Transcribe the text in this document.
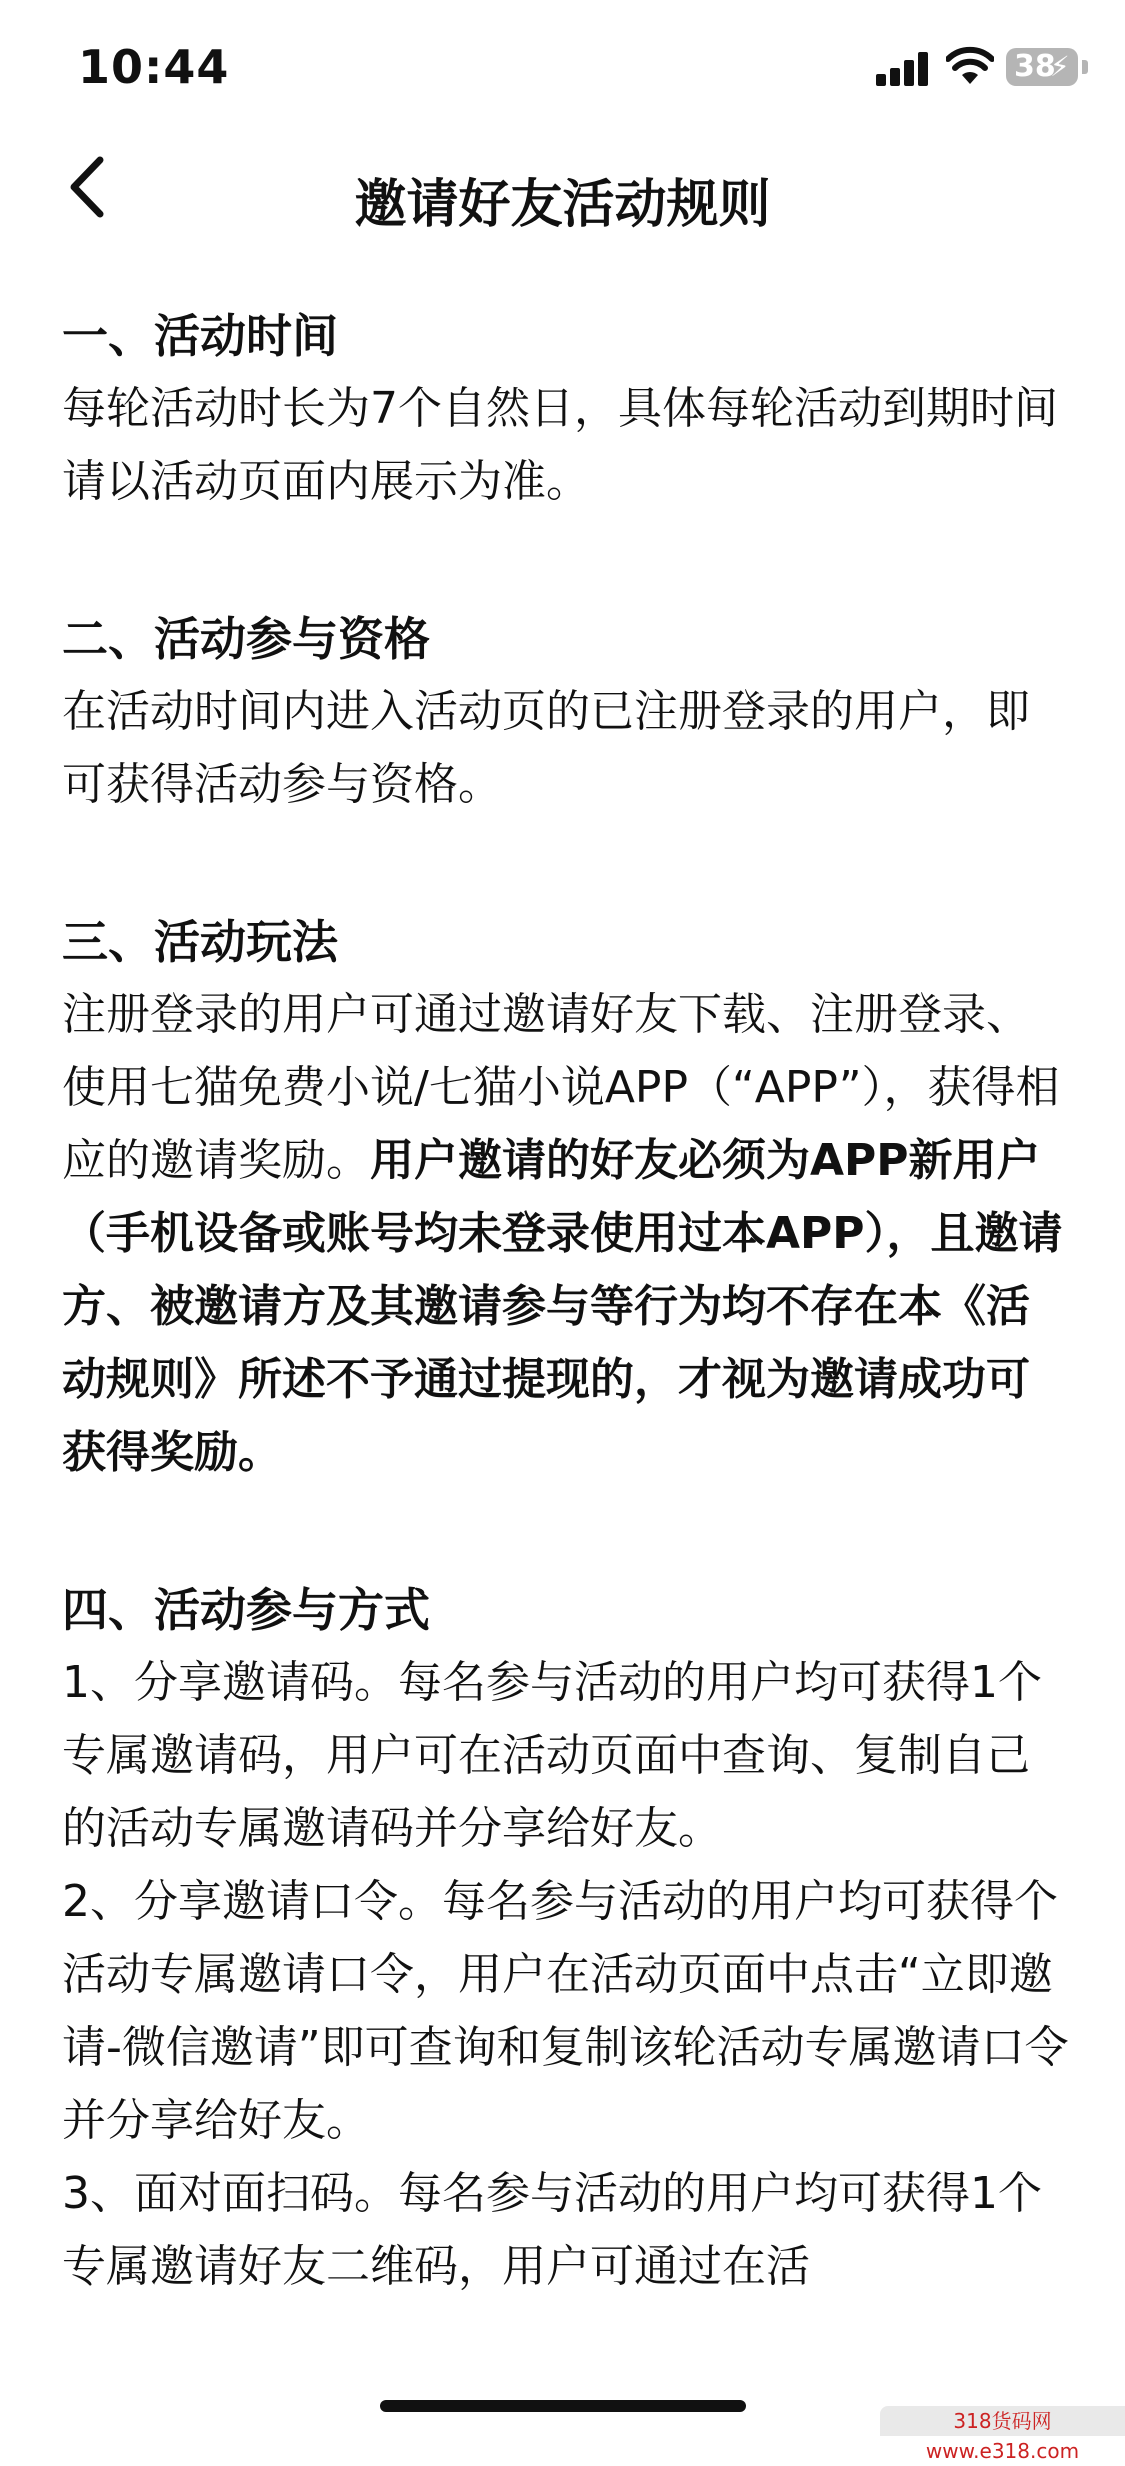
10:44	38
⚡
邀请好友活动规则
一、活动时间

每轮活动时长为7个自然日，具体每轮活动到期时间请以活动页面内展示为准。

二、活动参与资格

在活动时间内进入活动页的已注册登录的用户，即可获得活动参与资格。

三、活动玩法

注册登录的用户可通过邀请好友下载、注册登录、使用七猫免费小说/七猫小说APP（“APP”），获得相应的邀请奖励。用户邀请的好友必须为APP新用户（手机设备或账号均未登录使用过本APP），且邀请方、被邀请方及其邀请参与等行为均不存在本《活动规则》所述不予通过提现的，才视为邀请成功可获得奖励。

四、活动参与方式

1、分享邀请码。每名参与活动的用户均可获得1个专属邀请码，用户可在活动页面中查询、复制自己的活动专属邀请码并分享给好友。

2、分享邀请口令。每名参与活动的用户均可获得个活动专属邀请口令，用户在活动页面中点击“立即邀请-微信邀请”即可查询和复制该轮活动专属邀请口令并分享给好友。

3、面对面扫码。每名参与活动的用户均可获得1个专属邀请好友二维码，用户可通过在活

318货码网www.e318.com
